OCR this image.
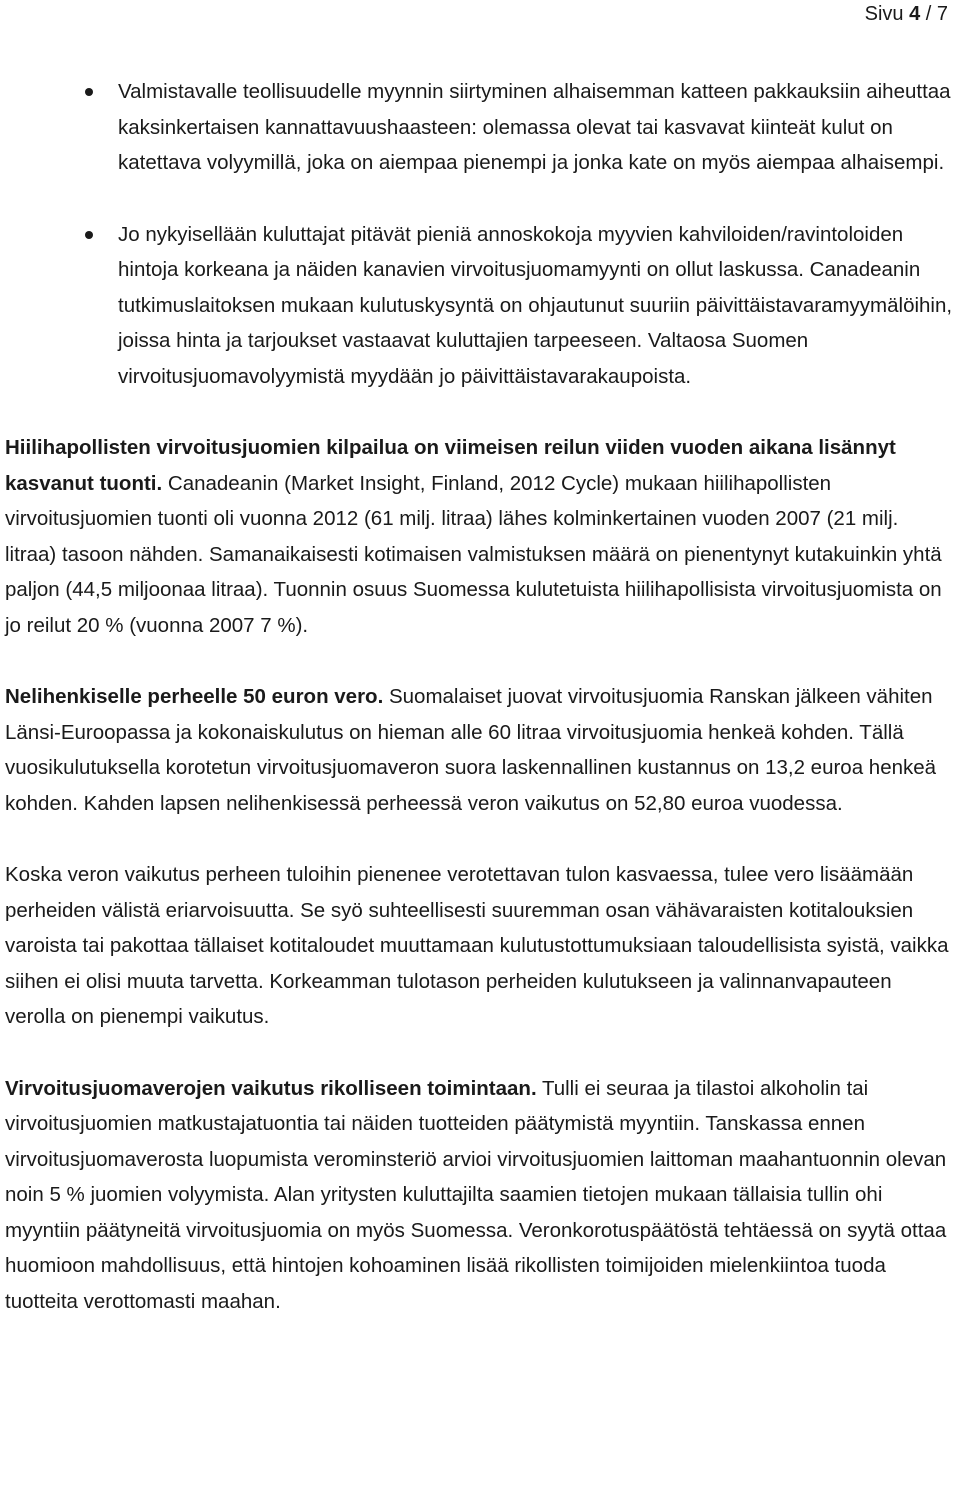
Sivu 4 / 7
Valmistavalle teollisuudelle myynnin siirtyminen alhaisemman katteen pakkauksiin aiheuttaa kaksinkertaisen kannattavuushaasteen: olemassa olevat tai kasvavat kiinteät kulut on katettava volyymillä, joka on aiempaa pienempi ja jonka kate on myös aiempaa alhaisempi.
Jo nykyisellään kuluttajat pitävät pieniä annoskokoja myyvien kahviloiden/ravintoloiden hintoja korkeana ja näiden kanavien virvoitusjuomamyynti on ollut laskussa. Canadeanin tutkimuslaitoksen mukaan kulutuskysyntä on ohjautunut suuriin päivittäistavaramyymälöihin, joissa hinta ja tarjoukset vastaavat kuluttajien tarpeeseen. Valtaosa Suomen virvoitusjuomavolyymistä myydään jo päivittäistavarakaupoista.

Hiilihapollisten virvoitusjuomien kilpailua on viimeisen reilun viiden vuoden aikana lisännyt kasvanut tuonti. Canadeanin (Market Insight, Finland, 2012 Cycle) mukaan hiilihapollisten virvoitusjuomien tuonti oli vuonna 2012 (61 milj. litraa) lähes kolminkertainen vuoden 2007 (21 milj. litraa) tasoon nähden. Samanaikaisesti kotimaisen valmistuksen määrä on pienentynyt kutakuinkin yhtä paljon (44,5 miljoonaa litraa). Tuonnin osuus Suomessa kulutetuista hiilihapollisista virvoitusjuomista on jo reilut 20 % (vuonna 2007 7 %).

Nelihenkiselle perheelle 50 euron vero. Suomalaiset juovat virvoitusjuomia Ranskan jälkeen vähiten Länsi-Euroopassa ja kokonaiskulutus on hieman alle 60 litraa virvoitusjuomia henkeä kohden. Tällä vuosikulutuksella korotetun virvoitusjuomaveron suora laskennallinen kustannus on 13,2 euroa henkeä kohden. Kahden lapsen nelihenkisessä perheessä veron vaikutus on 52,80 euroa vuodessa.

Koska veron vaikutus perheen tuloihin pienenee verotettavan tulon kasvaessa, tulee vero lisäämään perheiden välistä eriarvoisuutta. Se syö suhteellisesti suuremman osan vähävaraisten kotitalouksien varoista tai pakottaa tällaiset kotitaloudet muuttamaan kulutustottumuksiaan taloudellisista syistä, vaikka siihen ei olisi muuta tarvetta. Korkeamman tulotason perheiden kulutukseen ja valinnanvapauteen verolla on pienempi vaikutus.

Virvoitusjuomaverojen vaikutus rikolliseen toimintaan. Tulli ei seuraa ja tilastoi alkoholin tai virvoitusjuomien matkustajatuontia tai näiden tuotteiden päätymistä myyntiin. Tanskassa ennen virvoitusjuomaverosta luopumista verominsteriö arvioi virvoitusjuomien laittoman maahantuonnin olevan noin 5 % juomien volyymista. Alan yritysten kuluttajilta saamien tietojen mukaan tällaisia tullin ohi myyntiin päätyneitä virvoitusjuomia on myös Suomessa. Veronkorotuspäätöstä tehtäessä on syytä ottaa huomioon mahdollisuus, että hintojen kohoaminen lisää rikollisten toimijoiden mielenkiintoa tuoda tuotteita verottomasti maahan.
